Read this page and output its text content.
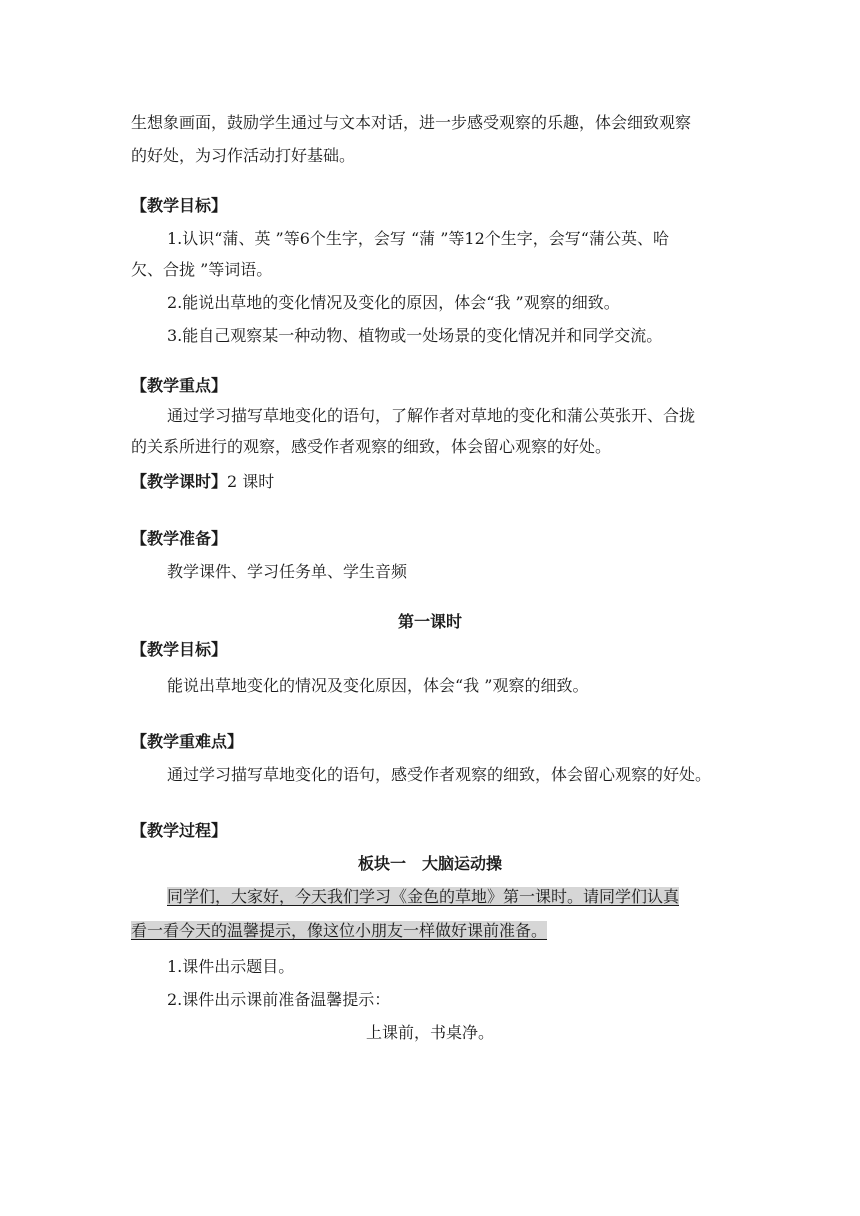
生想象画面，鼓励学生通过与文本对话，进一步感受观察的乐趣，体会细致观察
的好处，为习作活动打好基础。
【教学目标】
1.认识“蒲、英 ”等6个生字，会写 “蒲 ”等12个生字，会写“蒲公英、哈
欠、合拢 ”等词语。
2.能说出草地的变化情况及变化的原因，体会“我 ”观察的细致。
3.能自己观察某一种动物、植物或一处场景的变化情况并和同学交流。
【教学重点】
通过学习描写草地变化的语句，了解作者对草地的变化和蒲公英张开、合拢
的关系所进行的观察，感受作者观察的细致，体会留心观察的好处。
【教学课时】2 课时
【教学准备】
教学课件、学习任务单、学生音频
第一课时
【教学目标】
能说出草地变化的情况及变化原因，体会“我 ”观察的细致。
【教学重难点】
通过学习描写草地变化的语句，感受作者观察的细致，体会留心观察的好处。
【教学过程】
板块一　大脑运动操
同学们，大家好，今天我们学习《金色的草地》第一课时。请同学们认真
看一看今天的温馨提示，像这位小朋友一样做好课前准备。
1.课件出示题目。
2.课件出示课前准备温馨提示：
上课前，书桌净。
